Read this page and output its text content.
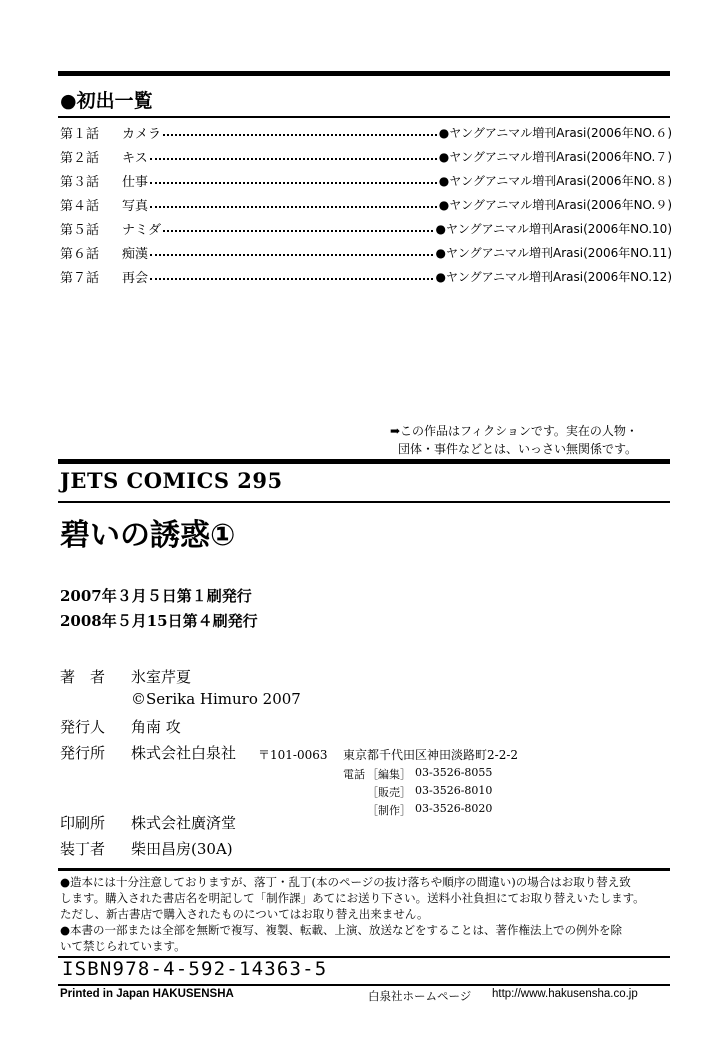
●初出一覧
第１話	カメラ	●ヤングアニマル増刊Arasi(2006年NO.６)
第２話	キス	●ヤングアニマル増刊Arasi(2006年NO.７)
第３話	仕事	●ヤングアニマル増刊Arasi(2006年NO.８)
第４話	写真	●ヤングアニマル増刊Arasi(2006年NO.９)
第５話	ナミダ	●ヤングアニマル増刊Arasi(2006年NO.10)
第６話	痴漢	●ヤングアニマル増刊Arasi(2006年NO.11)
第７話	再会	●ヤングアニマル増刊Arasi(2006年NO.12)
➡この作品はフィクションです。実在の人物・
団体・事件などとは、いっさい無関係です。
JETS COMICS 295
碧いの誘惑①
2007年３月５日第１刷発行
2008年５月15日第４刷発行
著　者 氷室芹夏
©Serika Himuro 2007
発行人 角南 攻
発行所 株式会社白泉社 〒101-0063 東京都千代田区神田淡路町2-2-2
電話 ［編集］ 03-3526-8055
［販売］ 03-3526-8010
［制作］ 03-3526-8020
印刷所 株式会社廣済堂
装丁者 柴田昌房(30A)
●造本には十分注意しておりますが、落丁・乱丁(本のページの抜け落ちや順序の間違い)の場合はお取り替え致
します。購入された書店名を明記して「制作課」あてにお送り下さい。送料小社負担にてお取り替えいたします。
ただし、新古書店で購入されたものについてはお取り替え出来ません。
●本書の一部または全部を無断で複写、複製、転載、上演、放送などをすることは、著作権法上での例外を除
いて禁じられています。
ISBN978-4-592-14363-5
Printed in Japan HAKUSENSHA	白泉社ホームページ http://www.hakusensha.co.jp
